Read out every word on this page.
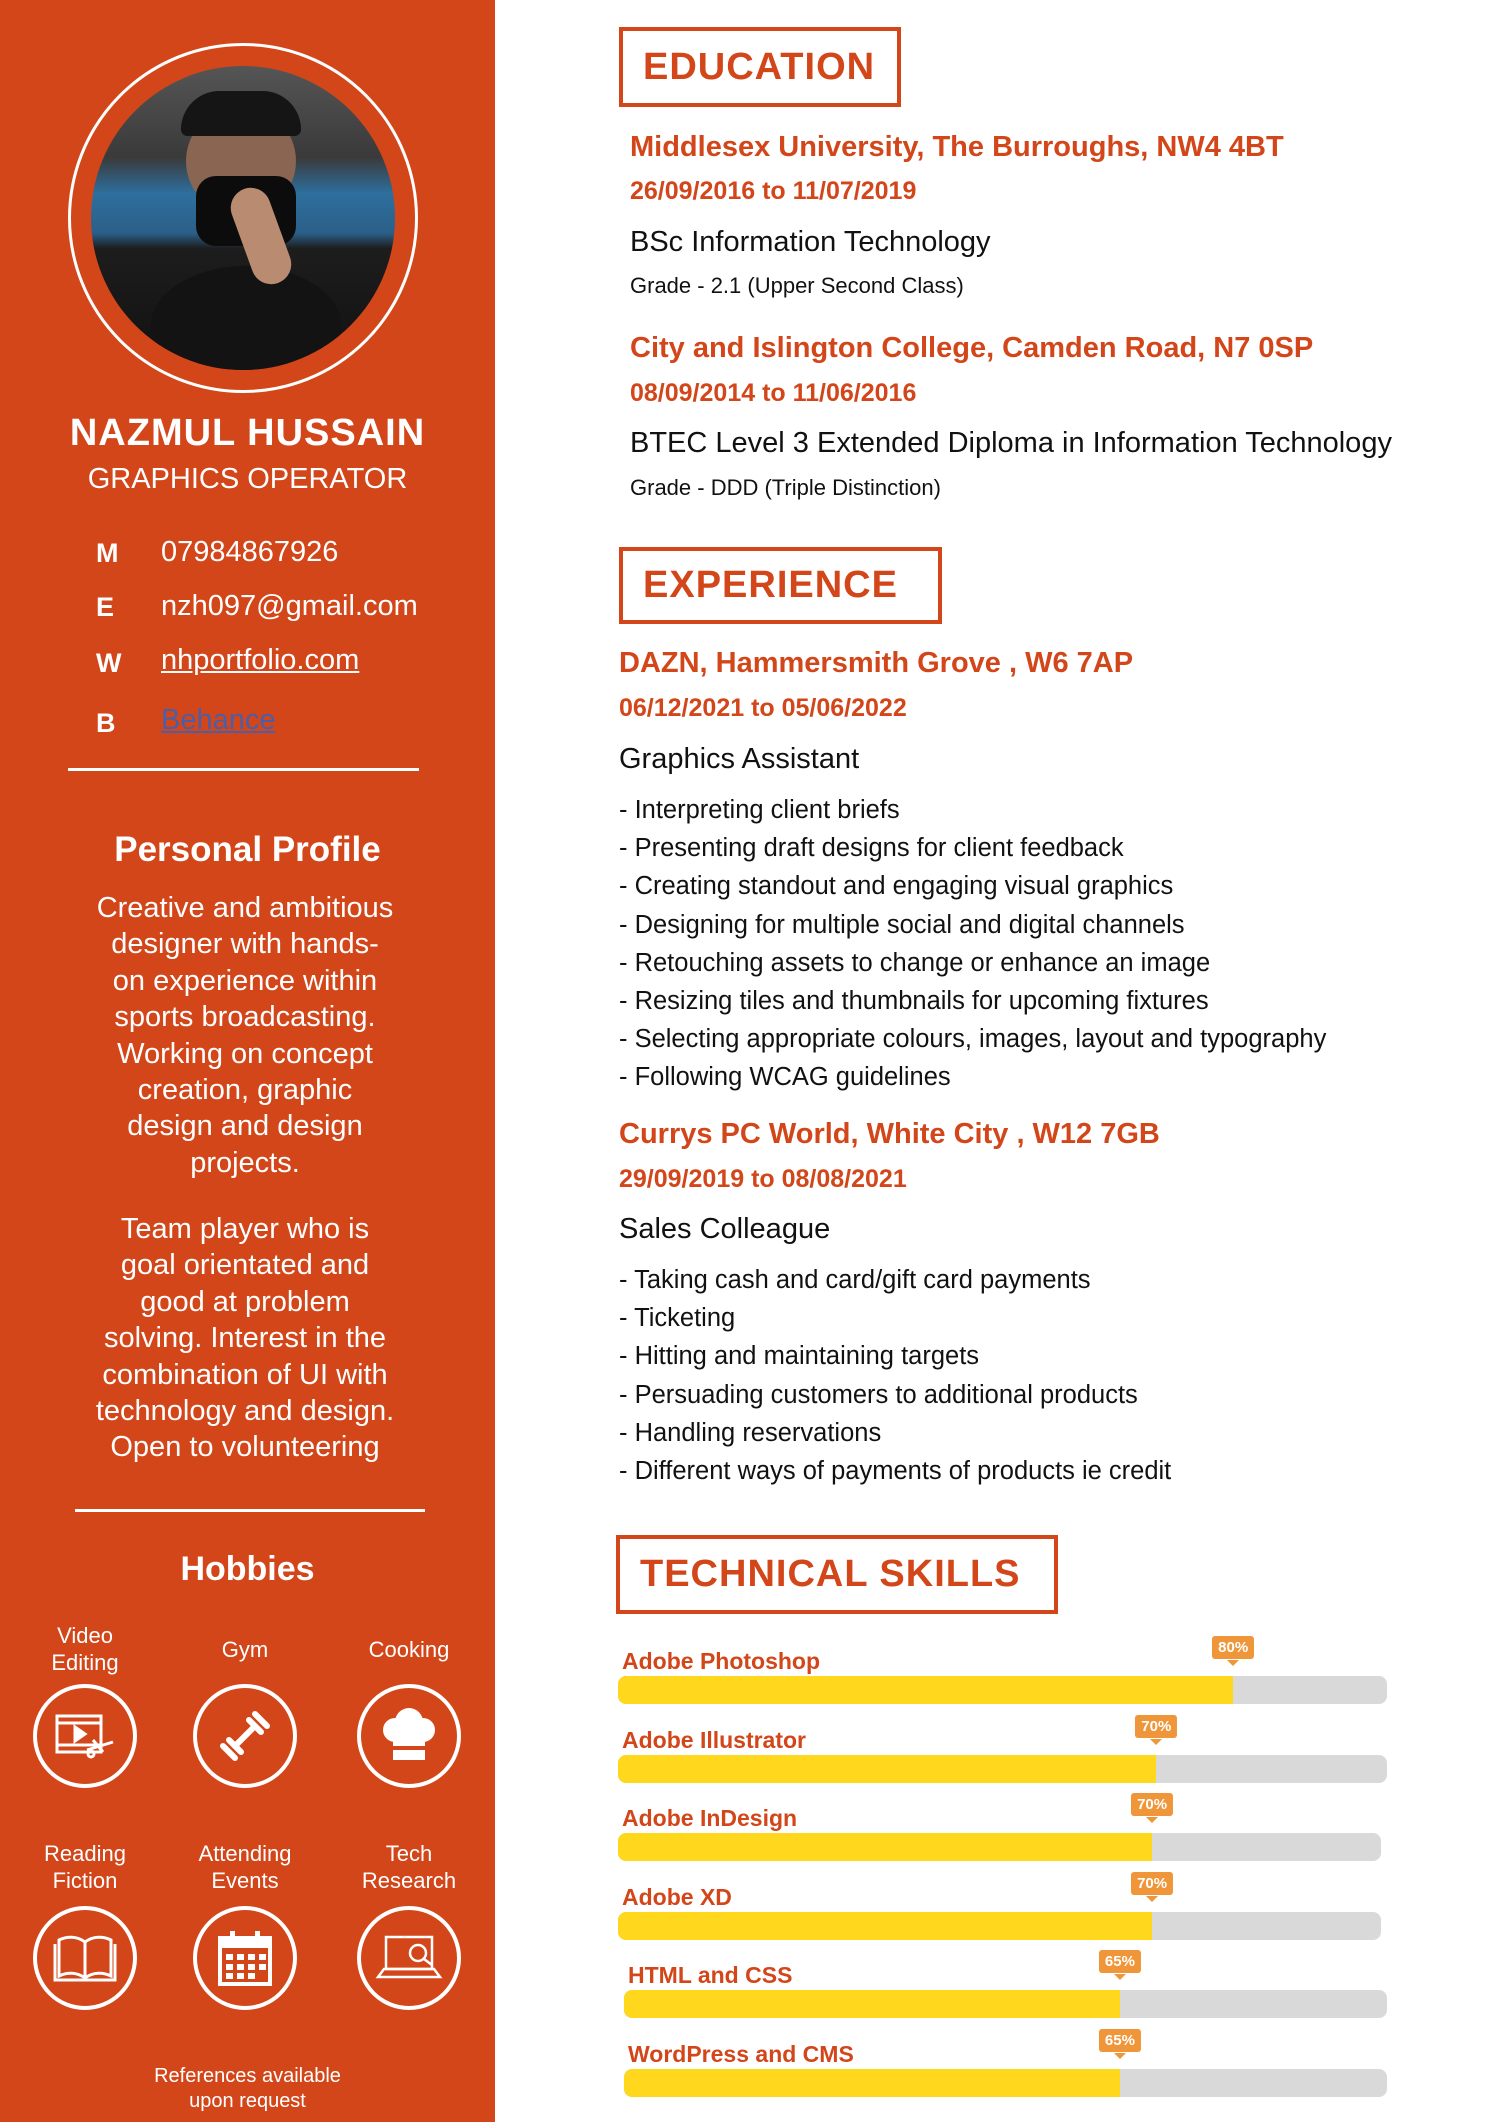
NAZMUL HUSSAIN
GRAPHICS OPERATOR
M 07984867926
E nzh097@gmail.com
W nhportfolio.com
B Behance
Personal Profile
Creative and ambitious
designer with hands-
on experience within
sports broadcasting.
Working on concept
creation, graphic
design and design
projects.
Team player who is
goal orientated and
good at problem
solving. Interest in the
combination of UI with
technology and design.
Open to volunteering
Hobbies
References available
upon request
Video
Editing
Gym	Cooking
Reading
Fiction
Attending
Events
Tech
Research
EDUCATION
Middlesex University, The Burroughs, NW4 4BT
26/09/2016 to 11/07/2019
BSc Information Technology
Grade - 2.1 (Upper Second Class)
City and Islington College, Camden Road, N7 0SP
08/09/2014 to 11/06/2016
BTEC Level 3 Extended Diploma in Information Technology
Grade - DDD (Triple Distinction)
EXPERIENCE
DAZN, Hammersmith Grove , W6 7AP
06/12/2021 to 05/06/2022
Graphics Assistant
- Interpreting client briefs
- Presenting draft designs for client feedback
- Creating standout and engaging visual graphics
- Designing for multiple social and digital channels
- Retouching assets to change or enhance an image
- Resizing tiles and thumbnails for upcoming fixtures
- Selecting appropriate colours, images, layout and typography
- Following WCAG guidelines
Currys PC World, White City , W12 7GB
29/09/2019 to 08/08/2021
Sales Colleague
- Taking cash and card/gift card payments
- Ticketing
- Hitting and maintaining targets
- Persuading customers to additional products
- Handling reservations
- Different ways of payments of products ie credit
TECHNICAL SKILLS
Adobe Photoshop
80%
Adobe Illustrator
70%
Adobe InDesign
70%
Adobe XD
70%
HTML and CSS
65%
WordPress and CMS
65%
